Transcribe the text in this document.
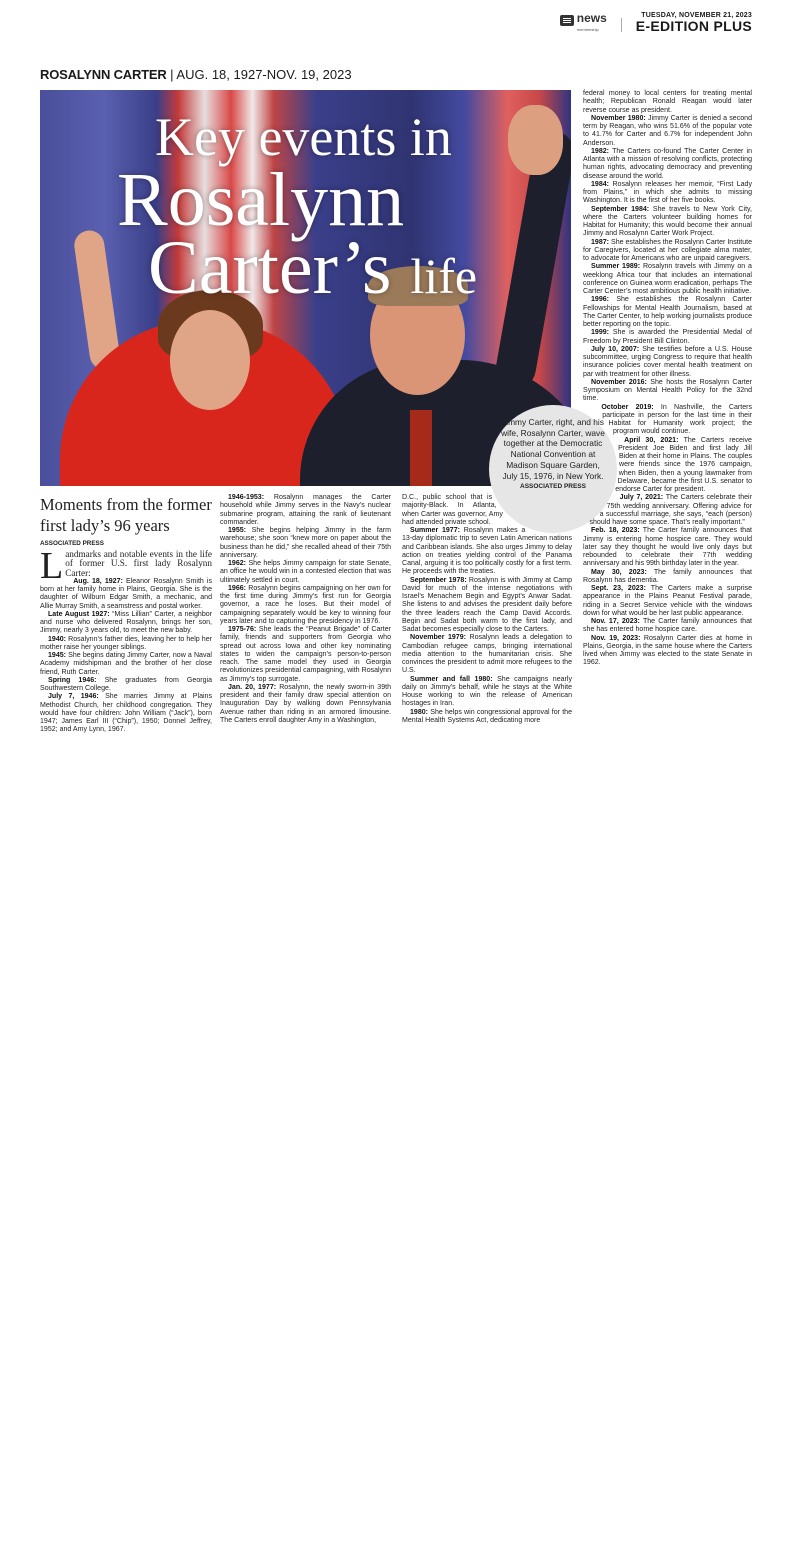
news
membership
TUESDAY, NOVEMBER 21, 2023
E-EDITION PLUS
ROSALYNN CARTER | AUG. 18, 1927-NOV. 19, 2023
Key events in
Rosalynn
Carter’s life
Jimmy Carter, right, and his wife, Rosalynn Carter, wave together at the Democratic National Convention at Madison Square Garden, July 15, 1976, in New York.
ASSOCIATED PRESS
Moments from the former first lady’s 96 years
ASSOCIATED PRESS

Landmarks and notable events in the life of former U.S. first lady Rosalynn Carter:

Aug. 18, 1927: Eleanor Rosalynn Smith is born at her family home in Plains, Georgia. She is the daughter of Wilburn Edgar Smith, a mechanic, and Allie Murray Smith, a seamstress and postal worker.

Late August 1927: “Miss Lillian” Carter, a neighbor and nurse who delivered Rosalynn, brings her son, Jimmy, nearly 3 years old, to meet the new baby.

1940: Rosalynn’s father dies, leaving her to help her mother raise her younger siblings.

1945: She begins dating Jimmy Carter, now a Naval Academy midshipman and the brother of her close friend, Ruth Carter.

Spring 1946: She graduates from Georgia Southwestern College.

July 7, 1946: She marries Jimmy at Plains Methodist Church, her childhood congregation. They would have four children: John William (“Jack”), born 1947; James Earl III (“Chip”), 1950; Donnel Jeffrey, 1952; and Amy Lynn, 1967.

1946-1953: Rosalynn manages the Carter household while Jimmy serves in the Navy’s nuclear submarine program, attaining the rank of lieutenant commander.

1955: She begins helping Jimmy in the farm warehouse; she soon “knew more on paper about the business than he did,” she recalled ahead of their 75th anniversary.

1962: She helps Jimmy campaign for state Senate, an office he would win in a contested election that was ultimately settled in court.

1966: Rosalynn begins campaigning on her own for the first time during Jimmy’s first run for Georgia governor, a race he loses. But their model of campaigning separately would be key to winning four years later and to capturing the presidency in 1976.

1975-76: She leads the “Peanut Brigade” of Carter family, friends and supporters from Georgia who spread out across Iowa and other key nominating states to widen the campaign’s person-to-person reach. The same model they used in Georgia revolutionizes presidential campaigning, with Rosalynn as Jimmy’s top surrogate.

Jan. 20, 1977: Rosalynn, the newly sworn-in 39th president and their family draw special attention on Inauguration Day by walking down Pennsylvania Avenue rather than riding in an armored limousine. The Carters enroll daughter Amy in a Washington,

D.C., public school that is majority-Black. In Atlanta, when Carter was governor, Amy had attended private school.

Summer 1977: Rosalynn makes a 13-day diplomatic trip to seven Latin American nations and Caribbean islands. She also urges Jimmy to delay action on treaties yielding control of the Panama Canal, arguing it is too politically costly for a first term. He proceeds with the treaties.

September 1978: Rosalynn is with Jimmy at Camp David for much of the intense negotiations with Israel’s Menachem Begin and Egypt’s Anwar Sadat. She listens to and advises the president daily before the three leaders reach the Camp David Accords. Begin and Sadat both warm to the first lady, and Sadat becomes especially close to the Carters.

November 1979: Rosalynn leads a delegation to Cambodian refugee camps, bringing international media attention to the humanitarian crisis. She convinces the president to admit more refugees to the U.S.

Summer and fall 1980: She campaigns nearly daily on Jimmy’s behalf, while he stays at the White House working to win the release of American hostages in Iran.

1980: She helps win congressional approval for the Mental Health Systems Act, dedicating more

federal money to local centers for treating mental health; Republican Ronald Reagan would later reverse course as president.

November 1980: Jimmy Carter is denied a second term by Reagan, who wins 51.6% of the popular vote to 41.7% for Carter and 6.7% for independent John Anderson.

1982: The Carters co-found The Carter Center in Atlanta with a mission of resolving conflicts, protecting human rights, advocating democracy and preventing disease around the world.

1984: Rosalynn releases her memoir, “First Lady from Plains,” in which she admits to missing Washington. It is the first of her five books.

September 1984: She travels to New York City, where the Carters volunteer building homes for Habitat for Humanity; this would become their annual Jimmy and Rosalynn Carter Work Project.

1987: She establishes the Rosalynn Carter Institute for Caregivers, located at her collegiate alma mater, to advocate for Americans who are unpaid caregivers.

Summer 1989: Rosalynn travels with Jimmy on a weeklong Africa tour that includes an international conference on Guinea worm eradication, perhaps The Carter Center’s most ambitious public health initiative.

1996: She establishes the Rosalynn Carter Fellowships for Mental Health Journalism, based at The Carter Center, to help working journalists produce better reporting on the topic.

1999: She is awarded the Presidential Medal of Freedom by President Bill Clinton.

July 10, 2007: She testifies before a U.S. House subcommittee, urging Congress to require that health insurance policies cover mental health treatment on par with treatment for other illness.

November 2016: She hosts the Rosalynn Carter Symposium on Mental Health Policy for the 32nd time.

October 2019: In Nashville, the Carters participate in person for the last time in their Habitat for Humanity work project; the program would continue.

April 30, 2021: The Carters receive President Joe Biden and first lady Jill Biden at their home in Plains. The couples were friends since the 1976 campaign, when Biden, then a young lawmaker from Delaware, became the first U.S. senator to endorse Carter for president.

July 7, 2021: The Carters celebrate their 75th wedding anniversary. Offering advice for a successful marriage, she says, “each (person) should have some space. That’s really important.”

Feb. 18, 2023: The Carter family announces that Jimmy is entering home hospice care. They would later say they thought he would live only days but rebounded to celebrate their 77th wedding anniversary and his 99th birthday later in the year.

May 30, 2023: The family announces that Rosalynn has dementia.

Sept. 23, 2023: The Carters make a surprise appearance in the Plains Peanut Festival parade, riding in a Secret Service vehicle with the windows down for what would be her last public appearance.

Nov. 17, 2023: The Carter family announces that she has entered home hospice care.

Nov. 19, 2023: Rosalynn Carter dies at home in Plains, Georgia, in the same house where the Carters lived when Jimmy was elected to the state Senate in 1962.
